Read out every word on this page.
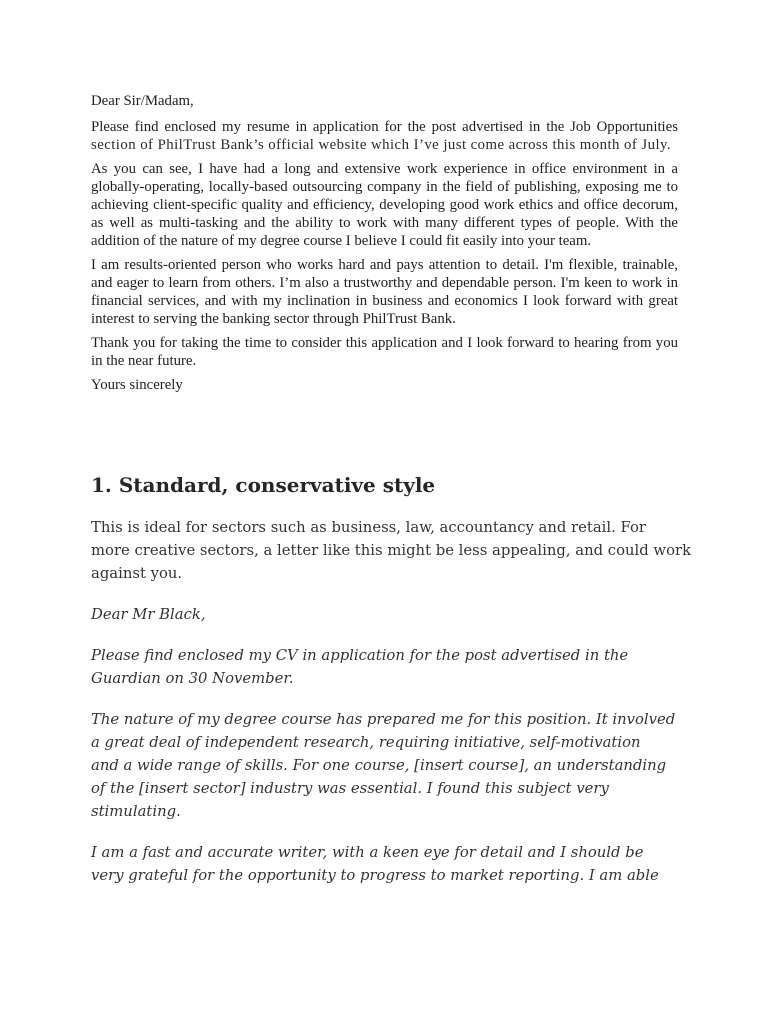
Dear Sir/Madam,
Please find enclosed my resume in application for the post advertised in the Job Opportunities
section of PhilTrust Bank’s official website which I’ve just come across this month of July.
As you can see, I have had a long and extensive work experience in office environment in a
globally-operating, locally-based outsourcing company in the field of publishing, exposing me to
achieving client-specific quality and efficiency, developing good work ethics and office decorum,
as well as multi-tasking and the ability to work with many different types of people. With the
addition of the nature of my degree course I believe I could fit easily into your team.
I am results-oriented person who works hard and pays attention to detail. I'm flexible, trainable,
and eager to learn from others. I’m also a trustworthy and dependable person. I'm keen to work in
financial services, and with my inclination in business and economics I look forward with great
interest to serving the banking sector through PhilTrust Bank.
Thank you for taking the time to consider this application and I look forward to hearing from you
in the near future.
Yours sincerely
1. Standard, conservative style
This is ideal for sectors such as business, law, accountancy and retail. For
more creative sectors, a letter like this might be less appealing, and could work
against you.
Dear Mr Black,
Please find enclosed my CV in application for the post advertised in the
Guardian on 30 November.
The nature of my degree course has prepared me for this position. It involved
a great deal of independent research, requiring initiative, self-motivation
and a wide range of skills. For one course, [insert course], an understanding
of the [insert sector] industry was essential. I found this subject very
stimulating.
I am a fast and accurate writer, with a keen eye for detail and I should be
very grateful for the opportunity to progress to market reporting. I am able
